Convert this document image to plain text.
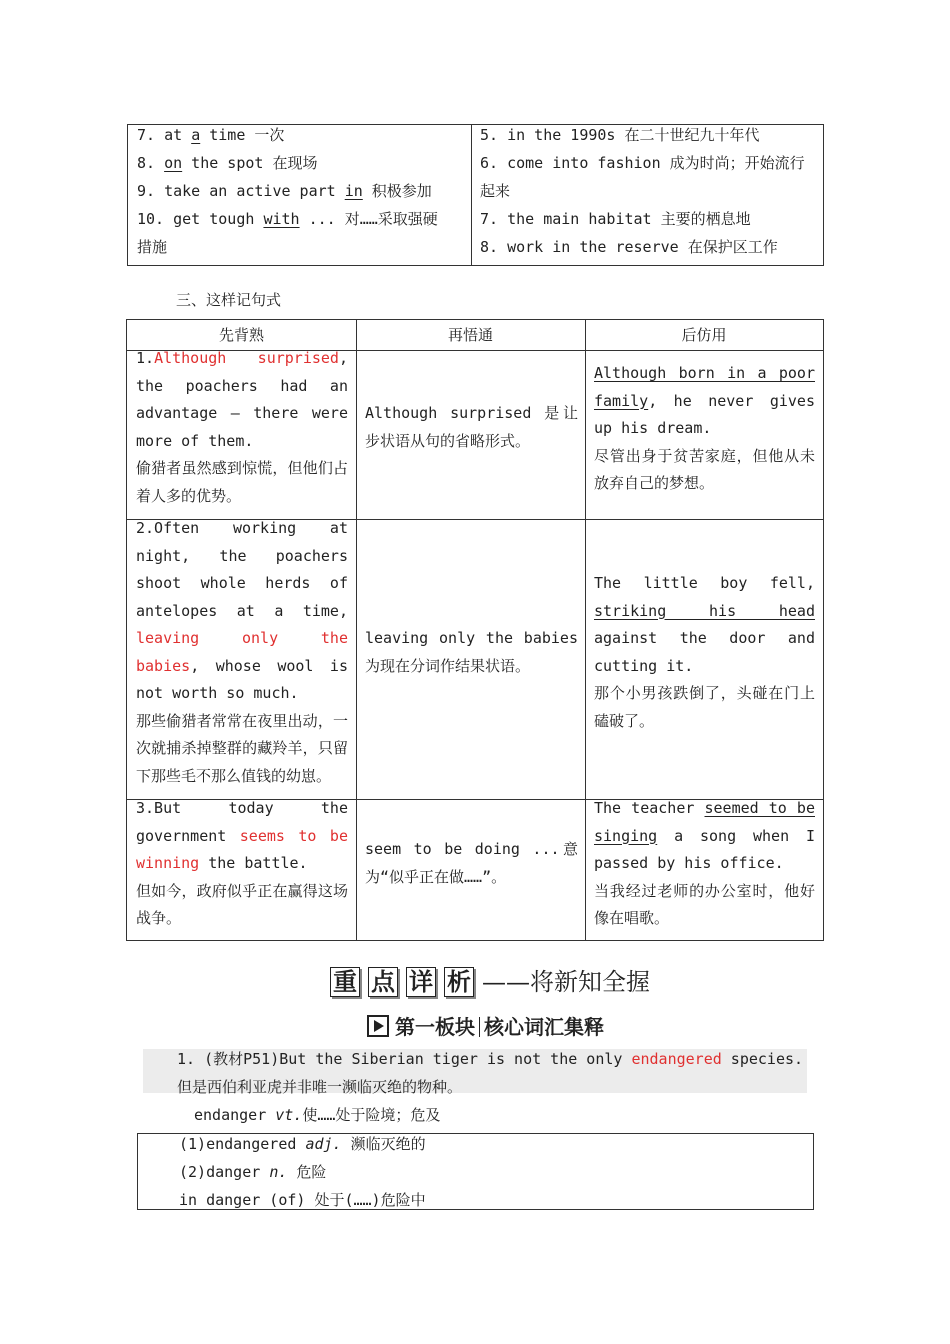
7. at a time 一次
8. on the spot 在现场
9. take an active part in 积极参加
10. get tough with ... 对……采取强硬
措施
5. in the 1990s 在二十世纪九十年代
6. come into fashion 成为时尚；开始流行
起来
7. the main habitat 主要的栖息地
8. work in the reserve 在保护区工作
三、这样记句式
先背熟	再悟通	后仿用
1.Although surprised, the poachers had an advantage — there were more of them.
偷猎者虽然感到惊慌，但他们占着人多的优势。
Although surprised 是让步状语从句的省略形式。
Although born in a poor family, he never gives up his dream.
尽管出身于贫苦家庭，但他从未放弃自己的梦想。
2.Often working at night, the poachers shoot whole herds of antelopes at a time, leaving only the babies, whose wool is not worth so much.
那些偷猎者常常在夜里出动，一次就捕杀掉整群的藏羚羊，只留下那些毛不那么值钱的幼崽。
leaving only the babies 为现在分词作结果状语。
The little boy fell, striking his head against the door and cutting it.
那个小男孩跌倒了，头碰在门上磕破了。
3.But today the government seems to be winning the battle.
但如今，政府似乎正在赢得这场战争。
seem to be doing ...意为“似乎正在做……”。
The teacher seemed to be singing a song when I passed by his office.
当我经过老师的办公室时，他好像在唱歌。
重 点 详 析 ——将新知全握
第一板块 核心词汇集释
1. (教材P51)But the Siberian tiger is not the only endangered species.
但是西伯利亚虎并非唯一濒临灭绝的物种。
endanger vt.使……处于险境；危及
(1)endangered adj. 濒临灭绝的
(2)danger n. 危险
in danger (of) 处于(……)危险中
